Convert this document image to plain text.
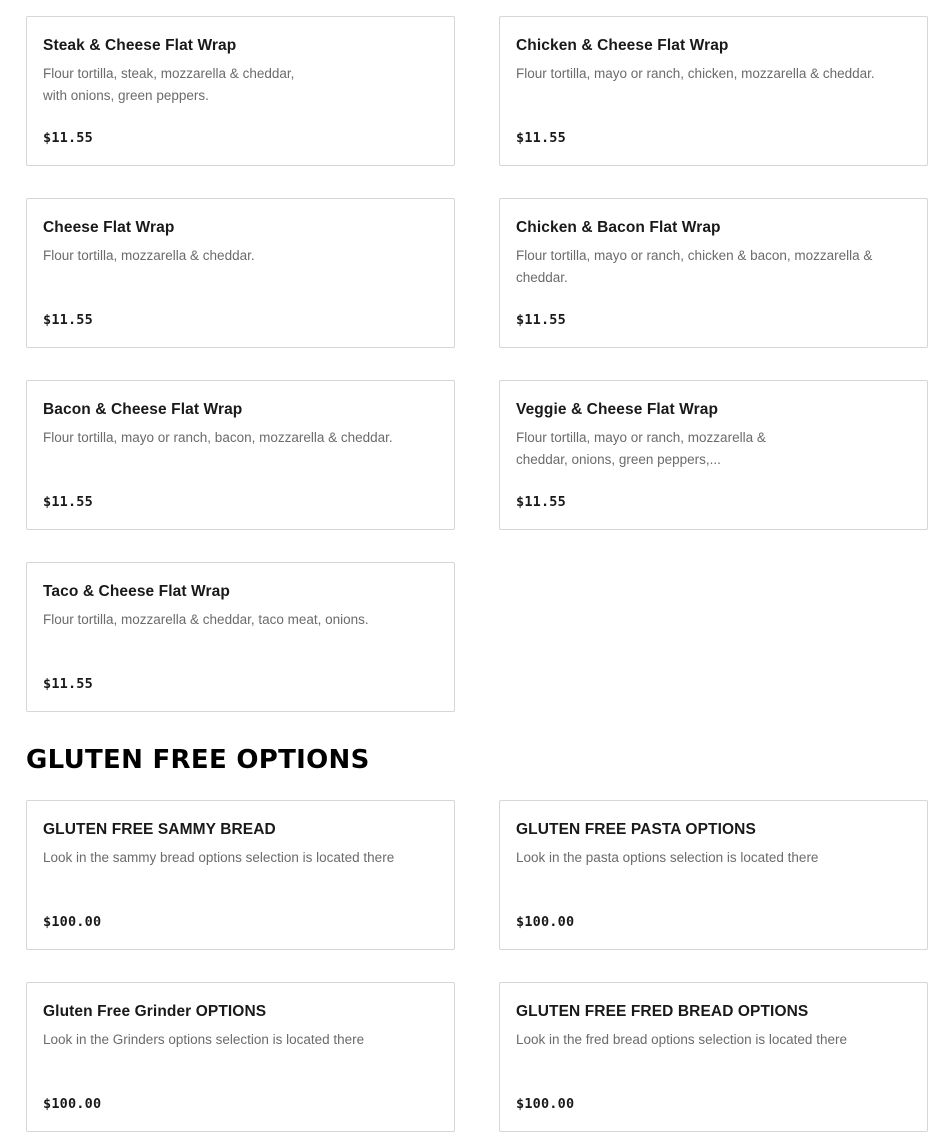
Steak & Cheese Flat Wrap
Flour tortilla, steak, mozzarella & cheddar, with onions, green peppers.
$11.55
Chicken & Cheese Flat Wrap
Flour tortilla, mayo or ranch, chicken, mozzarella & cheddar.
$11.55
Cheese Flat Wrap
Flour tortilla, mozzarella & cheddar.
$11.55
Chicken & Bacon Flat Wrap
Flour tortilla, mayo or ranch, chicken & bacon, mozzarella & cheddar.
$11.55
Bacon & Cheese Flat Wrap
Flour tortilla, mayo or ranch, bacon, mozzarella & cheddar.
$11.55
Veggie & Cheese Flat Wrap
Flour tortilla, mayo or ranch, mozzarella & cheddar, onions, green peppers,...
$11.55
Taco & Cheese Flat Wrap
Flour tortilla, mozzarella & cheddar, taco meat, onions.
$11.55
GLUTEN FREE OPTIONS
GLUTEN FREE SAMMY BREAD
Look in the sammy bread options selection is located there
$100.00
GLUTEN FREE PASTA OPTIONS
Look in the pasta options selection is located there
$100.00
Gluten Free Grinder OPTIONS
Look in the Grinders options selection is located there
$100.00
GLUTEN FREE FRED BREAD OPTIONS
Look in the fred bread options selection is located there
$100.00
